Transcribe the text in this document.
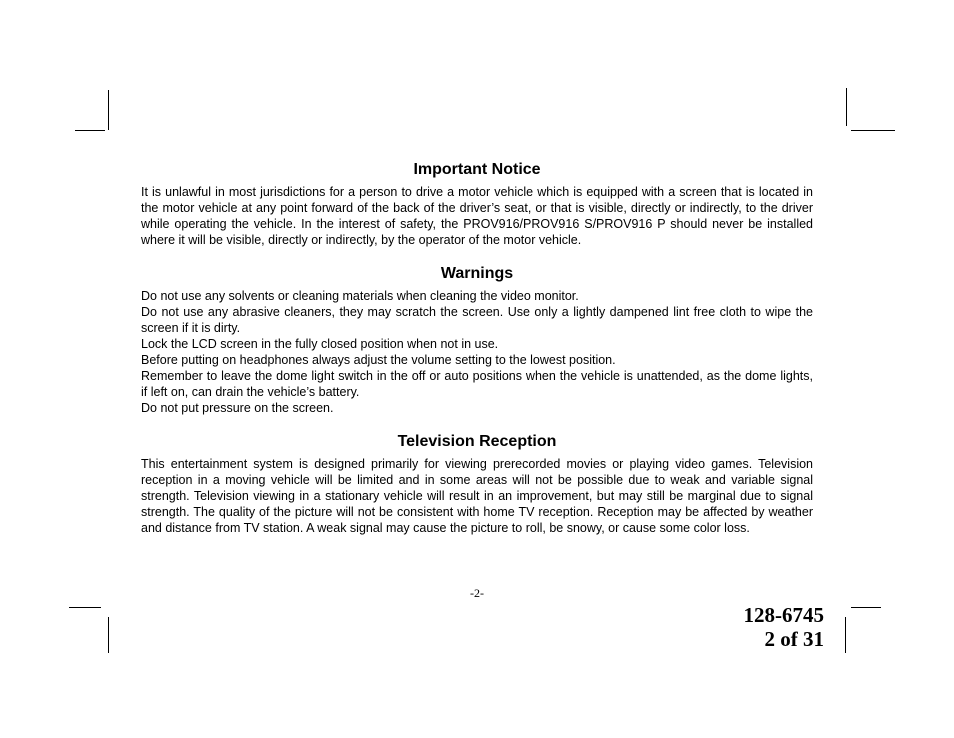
Important Notice

It is unlawful in most jurisdictions for a person to drive a motor vehicle which is equipped with a screen that is located in the motor vehicle at any point forward of the back of the driver’s seat, or that is visible, directly or indirectly, to the driver while operating the vehicle. In the interest of safety, the PROV916/PROV916 S/PROV916 P should never be installed where it will be visible, directly or indirectly, by the operator of the motor vehicle.

Warnings

Do not use any solvents or cleaning materials when cleaning the video monitor.

Do not use any abrasive cleaners, they may scratch the screen. Use only a lightly dampened lint free cloth to wipe the screen if it is dirty.

Lock the LCD screen in the fully closed position when not in use.

Before putting on headphones always adjust the volume setting to the lowest position.

Remember to leave the dome light switch in the off or auto positions when the vehicle is unattended, as the dome lights, if left on, can drain the vehicle’s battery.

Do not put pressure on the screen.

Television Reception

This entertainment system is designed primarily for viewing prerecorded movies or playing video games. Television reception in a moving vehicle will be limited and in some areas will not be possible due to weak and variable signal strength. Television viewing in a stationary vehicle will result in an improvement, but may still be marginal due to signal strength. The quality of the picture will not be consistent with home TV reception. Reception may be affected by weather and distance from TV station. A weak signal may cause the picture to roll, be snowy, or cause some color loss.

-2-
128-6745
2 of 31
